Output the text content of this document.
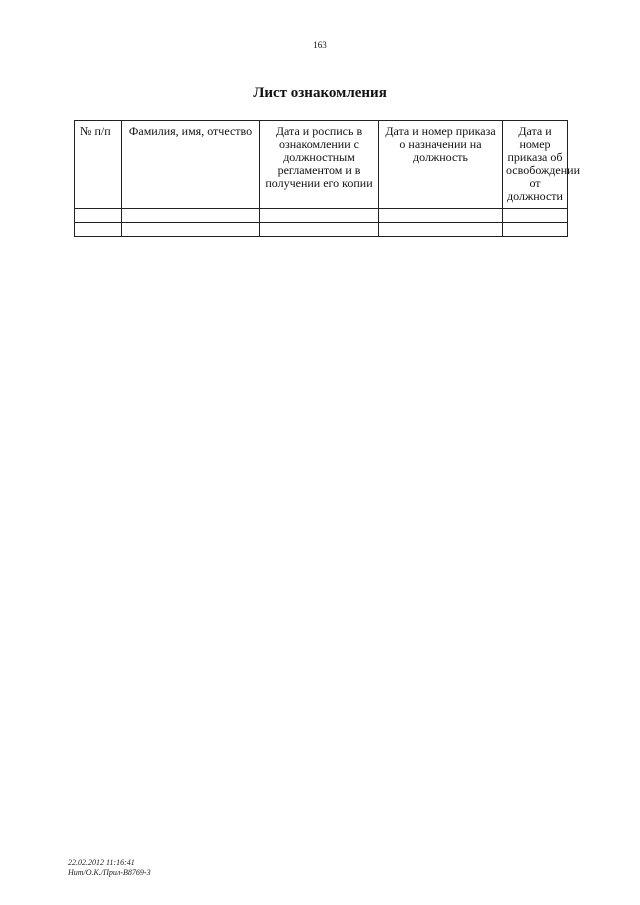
163
Лист ознакомления
№ п/п	Фамилия, имя, отчество	Дата и роспись в ознакомлении с должностным регламентом и в получении его копии	Дата и номер приказа о назначении на должность	Дата и номер приказа об освобождении от должности

22.02.2012 11:16:41
Hum/O.K./Прил-B8769-3
